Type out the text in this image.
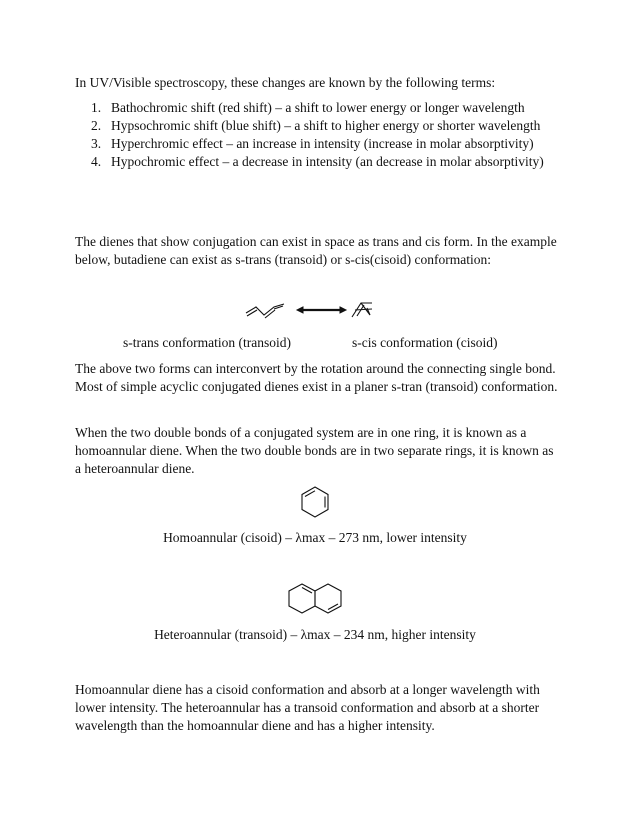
In UV/Visible spectroscopy, these changes are known by the following terms:

1. Bathochromic shift (red shift) – a shift to lower energy or longer wavelength
2. Hypsochromic shift (blue shift) – a shift to higher energy or shorter wavelength
3. Hyperchromic effect – an increase in intensity (increase in molar absorptivity)
4. Hypochromic effect – a decrease in intensity (an decrease in molar absorptivity)

The dienes that show conjugation can exist in space as trans and cis form. In the example below, butadiene can exist as s-trans (transoid) or s-cis(cisoid) conformation:

s-trans conformation (transoid)	s-cis conformation (cisoid)

The above two forms can interconvert by the rotation around the connecting single bond. Most of simple acyclic conjugated dienes exist in a planer s-tran (transoid) conformation.

When the two double bonds of a conjugated system are in one ring, it is known as a homoannular diene. When the two double bonds are in two separate rings, it is known as a heteroannular diene.

Homoannular (cisoid) – λmax – 273 nm, lower intensity
Heteroannular (transoid) – λmax – 234 nm, higher intensity

Homoannular diene has a cisoid conformation and absorb at a longer wavelength with lower intensity. The heteroannular has a transoid conformation and absorb at a shorter wavelength than the homoannular diene and has a higher intensity.
